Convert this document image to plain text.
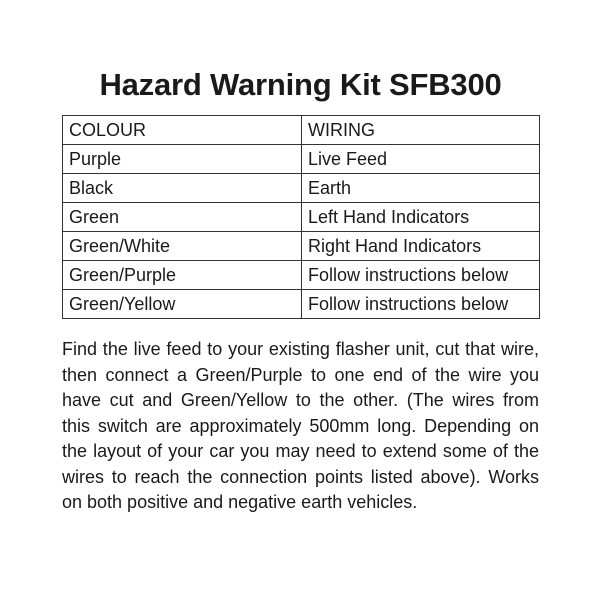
Hazard Warning Kit SFB300
COLOUR	WIRING
Purple	Live Feed
Black	Earth
Green	Left Hand Indicators
Green/White	Right Hand Indicators
Green/Purple	Follow instructions below
Green/Yellow	Follow instructions below

Find the live feed to your existing flasher unit, cut that wire, then connect a Green/Purple to one end of the wire you have cut and Green/Yellow to the other. (The wires from this switch are approximately 500mm long. Depending on the layout of your car you may need to extend some of the wires to reach the connection points listed above). Works on both positive and negative earth vehicles.
